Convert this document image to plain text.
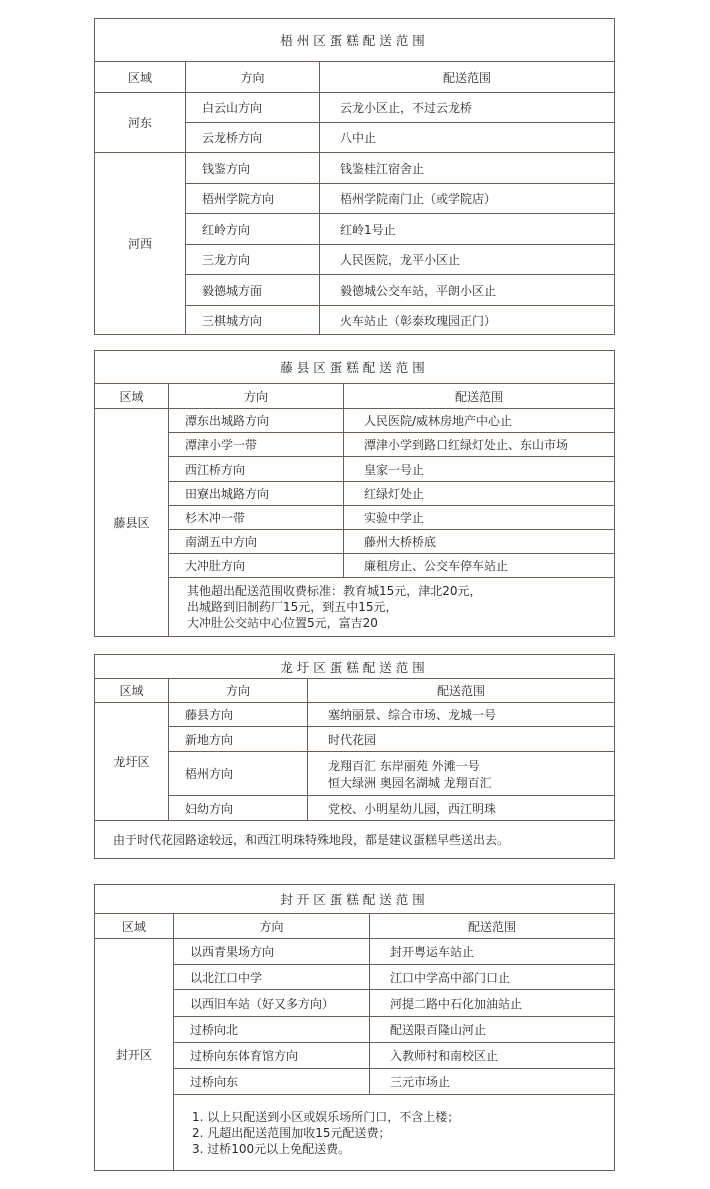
梧州区蛋糕配送范围		
区域	方向	配送范围
河东	白云山方向	云龙小区止，不过云龙桥

	云龙桥方向	八中止

河西	钱鉴方向	钱鉴桂江宿舍止

	梧州学院方向	梧州学院南门止（或学院店）

	红岭方向	红岭1号止

	三龙方向	人民医院，龙平小区止

	毅德城方面	毅德城公交车站，平朗小区止

	三棋城方向	火车站止（彰泰玫瑰园正门）
藤县区蛋糕配送范围		
区域	方向	配送范围
藤县区	潭东出城路方向	人民医院/威林房地产中心止

	潭津小学一带	潭津小学到路口红绿灯处止、东山市场

	西江桥方向	皇家一号止

	田寮出城路方向	红绿灯处止

	杉木冲一带	实验中学止

	南湖五中方向	藤州大桥桥底

	大冲肚方向	廉租房止、公交车停车站止

	其他超出配送范围收费标准：教育城15元，津北20元，
出城路到旧制药厂15元，到五中15元，
大冲肚公交站中心位置5元，富吉20	
龙圩区蛋糕配送范围		
区域	方向	配送范围
龙圩区	藤县方向	塞纳丽景、综合市场、龙城一号

	新地方向	时代花园

	梧州方向	龙翔百汇 东岸丽苑 外滩一号
恒大绿洲 奥园名湖城 龙翔百汇

	妇幼方向	党校、小明星幼儿园，西江明珠

由于时代花园路途较远，和西江明珠特殊地段，都是建议蛋糕早些送出去。		
封开区蛋糕配送范围		
区域	方向	配送范围
封开区	以西青果场方向	封开粤运车站止

	以北江口中学	江口中学高中部门口止

	以西旧车站（好又多方向）	河提二路中石化加油站止

	过桥向北	配送限百隆山河止

	过桥向东体育馆方向	入教师村和南校区止

	过桥向东	三元市场止

	1. 以上只配送到小区或娱乐场所门口，不含上楼；
2. 凡超出配送范围加收15元配送费；
3. 过桥100元以上免配送费。	
